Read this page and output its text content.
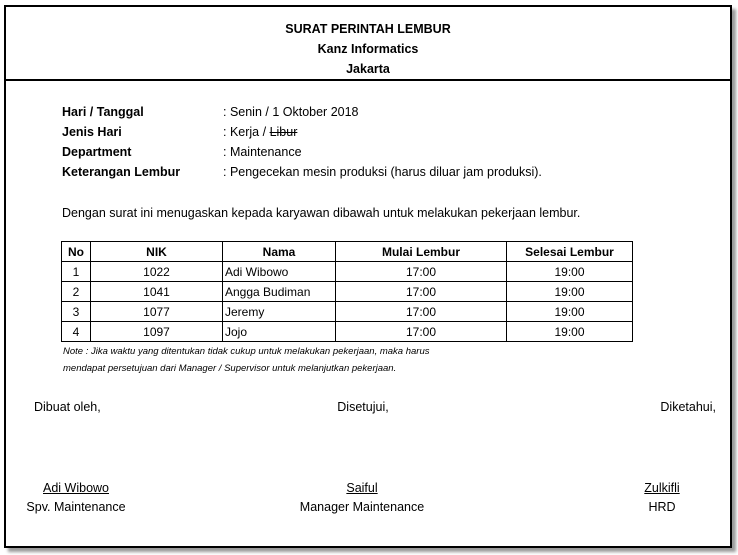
SURAT PERINTAH LEMBUR
Kanz Informatics
Jakarta
Hari / Tanggal	: Senin / 1 Oktober 2018
Jenis Hari	: Kerja / Libur
Department	: Maintenance
Keterangan Lembur	: Pengecekan mesin produksi (harus diluar jam produksi).
Dengan surat ini menugaskan kepada karyawan dibawah untuk melakukan pekerjaan lembur.
No	NIK	Nama	Mulai Lembur	Selesai Lembur
1	1022	Adi Wibowo	17:00	19:00
2	1041	Angga Budiman	17:00	19:00
3	1077	Jeremy	17:00	19:00
4	1097	Jojo	17:00	19:00
Note : Jika waktu yang ditentukan tidak cukup untuk melakukan pekerjaan, maka harus
mendapat persetujuan dari Manager / Supervisor untuk melanjutkan pekerjaan.
Dibuat oleh,	Disetujui,	Diketahui,
Adi Wibowo
Spv. Maintenance
Saiful
Manager Maintenance
Zulkifli
HRD
